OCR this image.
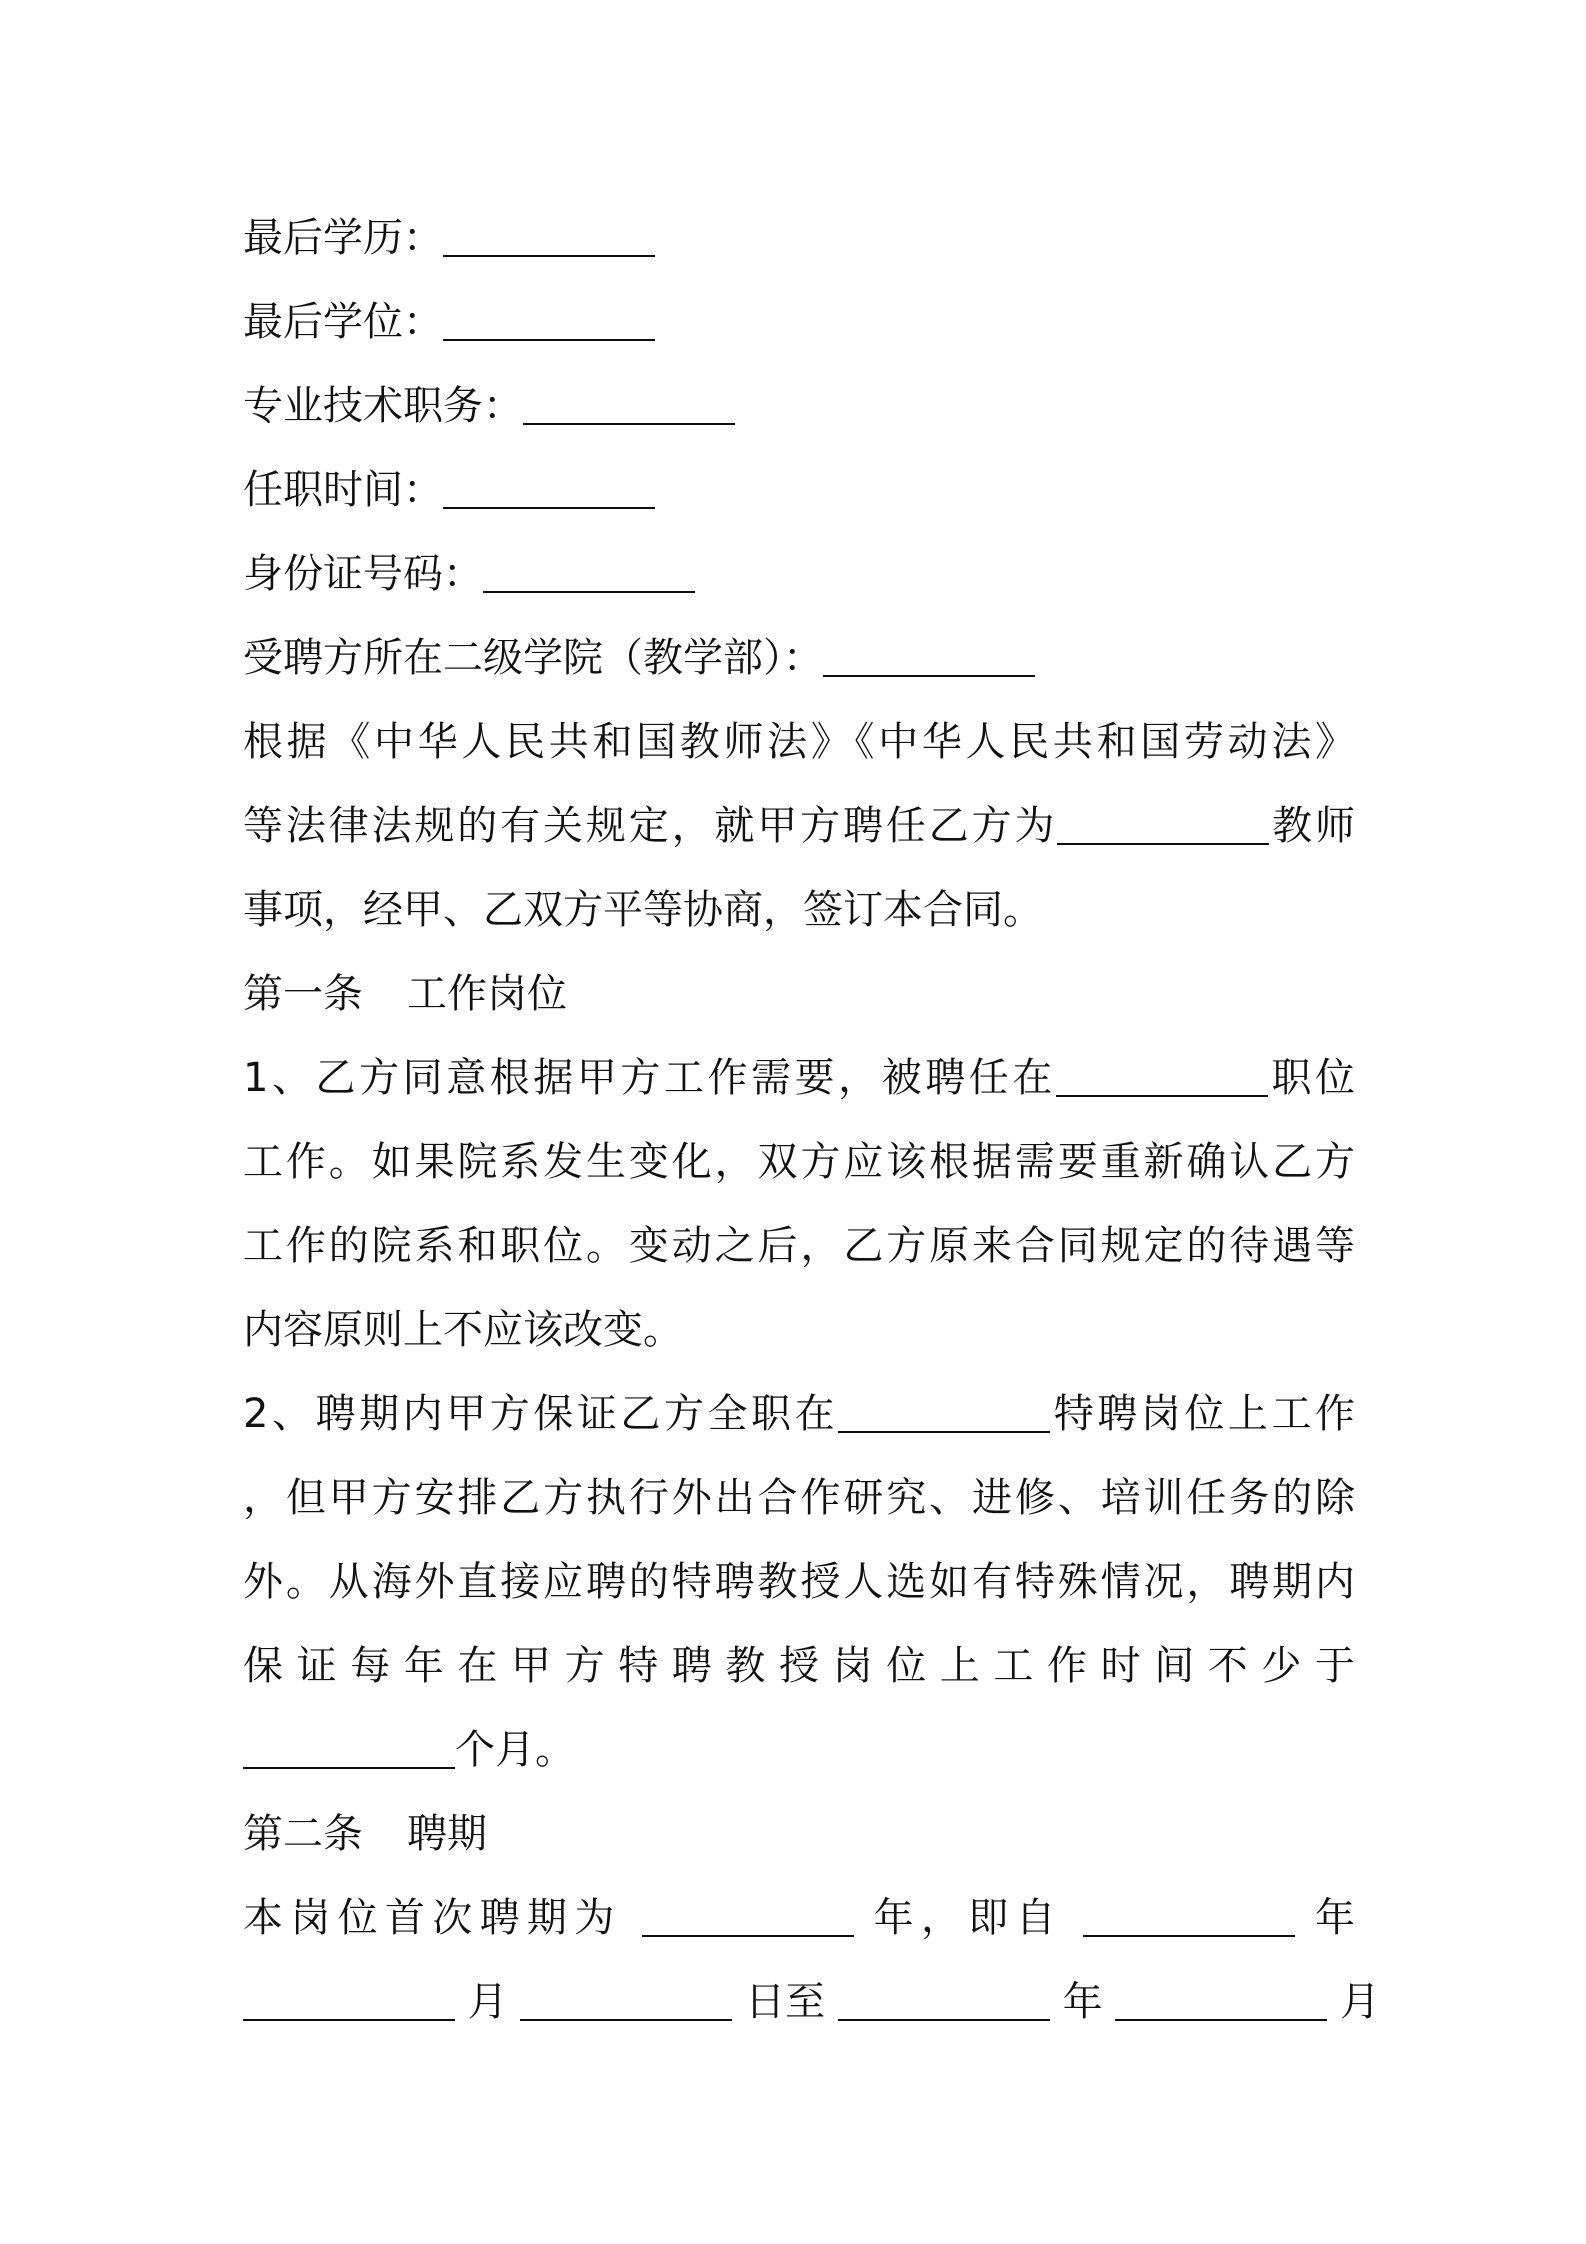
最后学历：
最后学位：
专业技术职务：
任职时间：
身份证号码：
受聘方所在二级学院（教学部）：
根据《中华人民共和国教师法》《中华人民共和国劳动法》
等法律法规的有关规定，就甲方聘任乙方为	教师
事项，经甲、乙双方平等协商，签订本合同。
第一条 工作岗位
1、乙方同意根据甲方工作需要，被聘任在	职位
工作。如果院系发生变化，双方应该根据需要重新确认乙方
工作的院系和职位。变动之后，乙方原来合同规定的待遇等
内容原则上不应该改变。
2、聘期内甲方保证乙方全职在	特聘岗位上工作
，但甲方安排乙方执行外出合作研究、进修、培训任务的除
外。从海外直接应聘的特聘教授人选如有特殊情况，聘期内
保证每年在甲方特聘教授岗位上工作时间不少于
个月。
第二条 聘期
本岗位首次聘期为	年，即自	年
月	日至	年	月
